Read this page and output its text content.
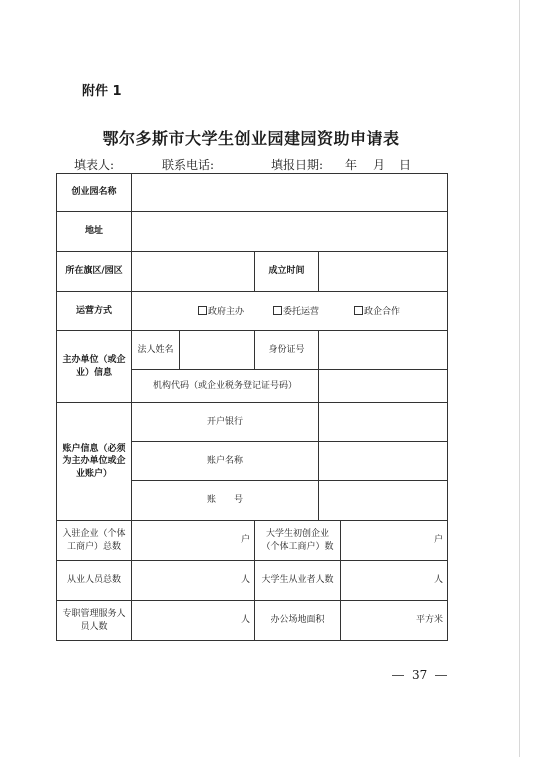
附件 1
鄂尔多斯市大学生创业园建园资助申请表
填表人:	联系电话:	填报日期: 年 月 日
创业园名称					
地址					
所在旗区/园区			成立时间		
运营方式	政府主办 委托运营 政企合作				

主办单位（或企业）信息	法人姓名		身份证号		
	机构代码（或企业税务登记证号码）				
账户信息（必须为主办单位或企业账户）	开户银行				
	账户名称				
	账　　号				
入驻企业（个体工商户）总数	户		大学生初创企业（个体工商户）数		户
从业人员总数	人		大学生从业者人数		人
专职管理服务人员人数	人		办公场地面积		平方米
37
